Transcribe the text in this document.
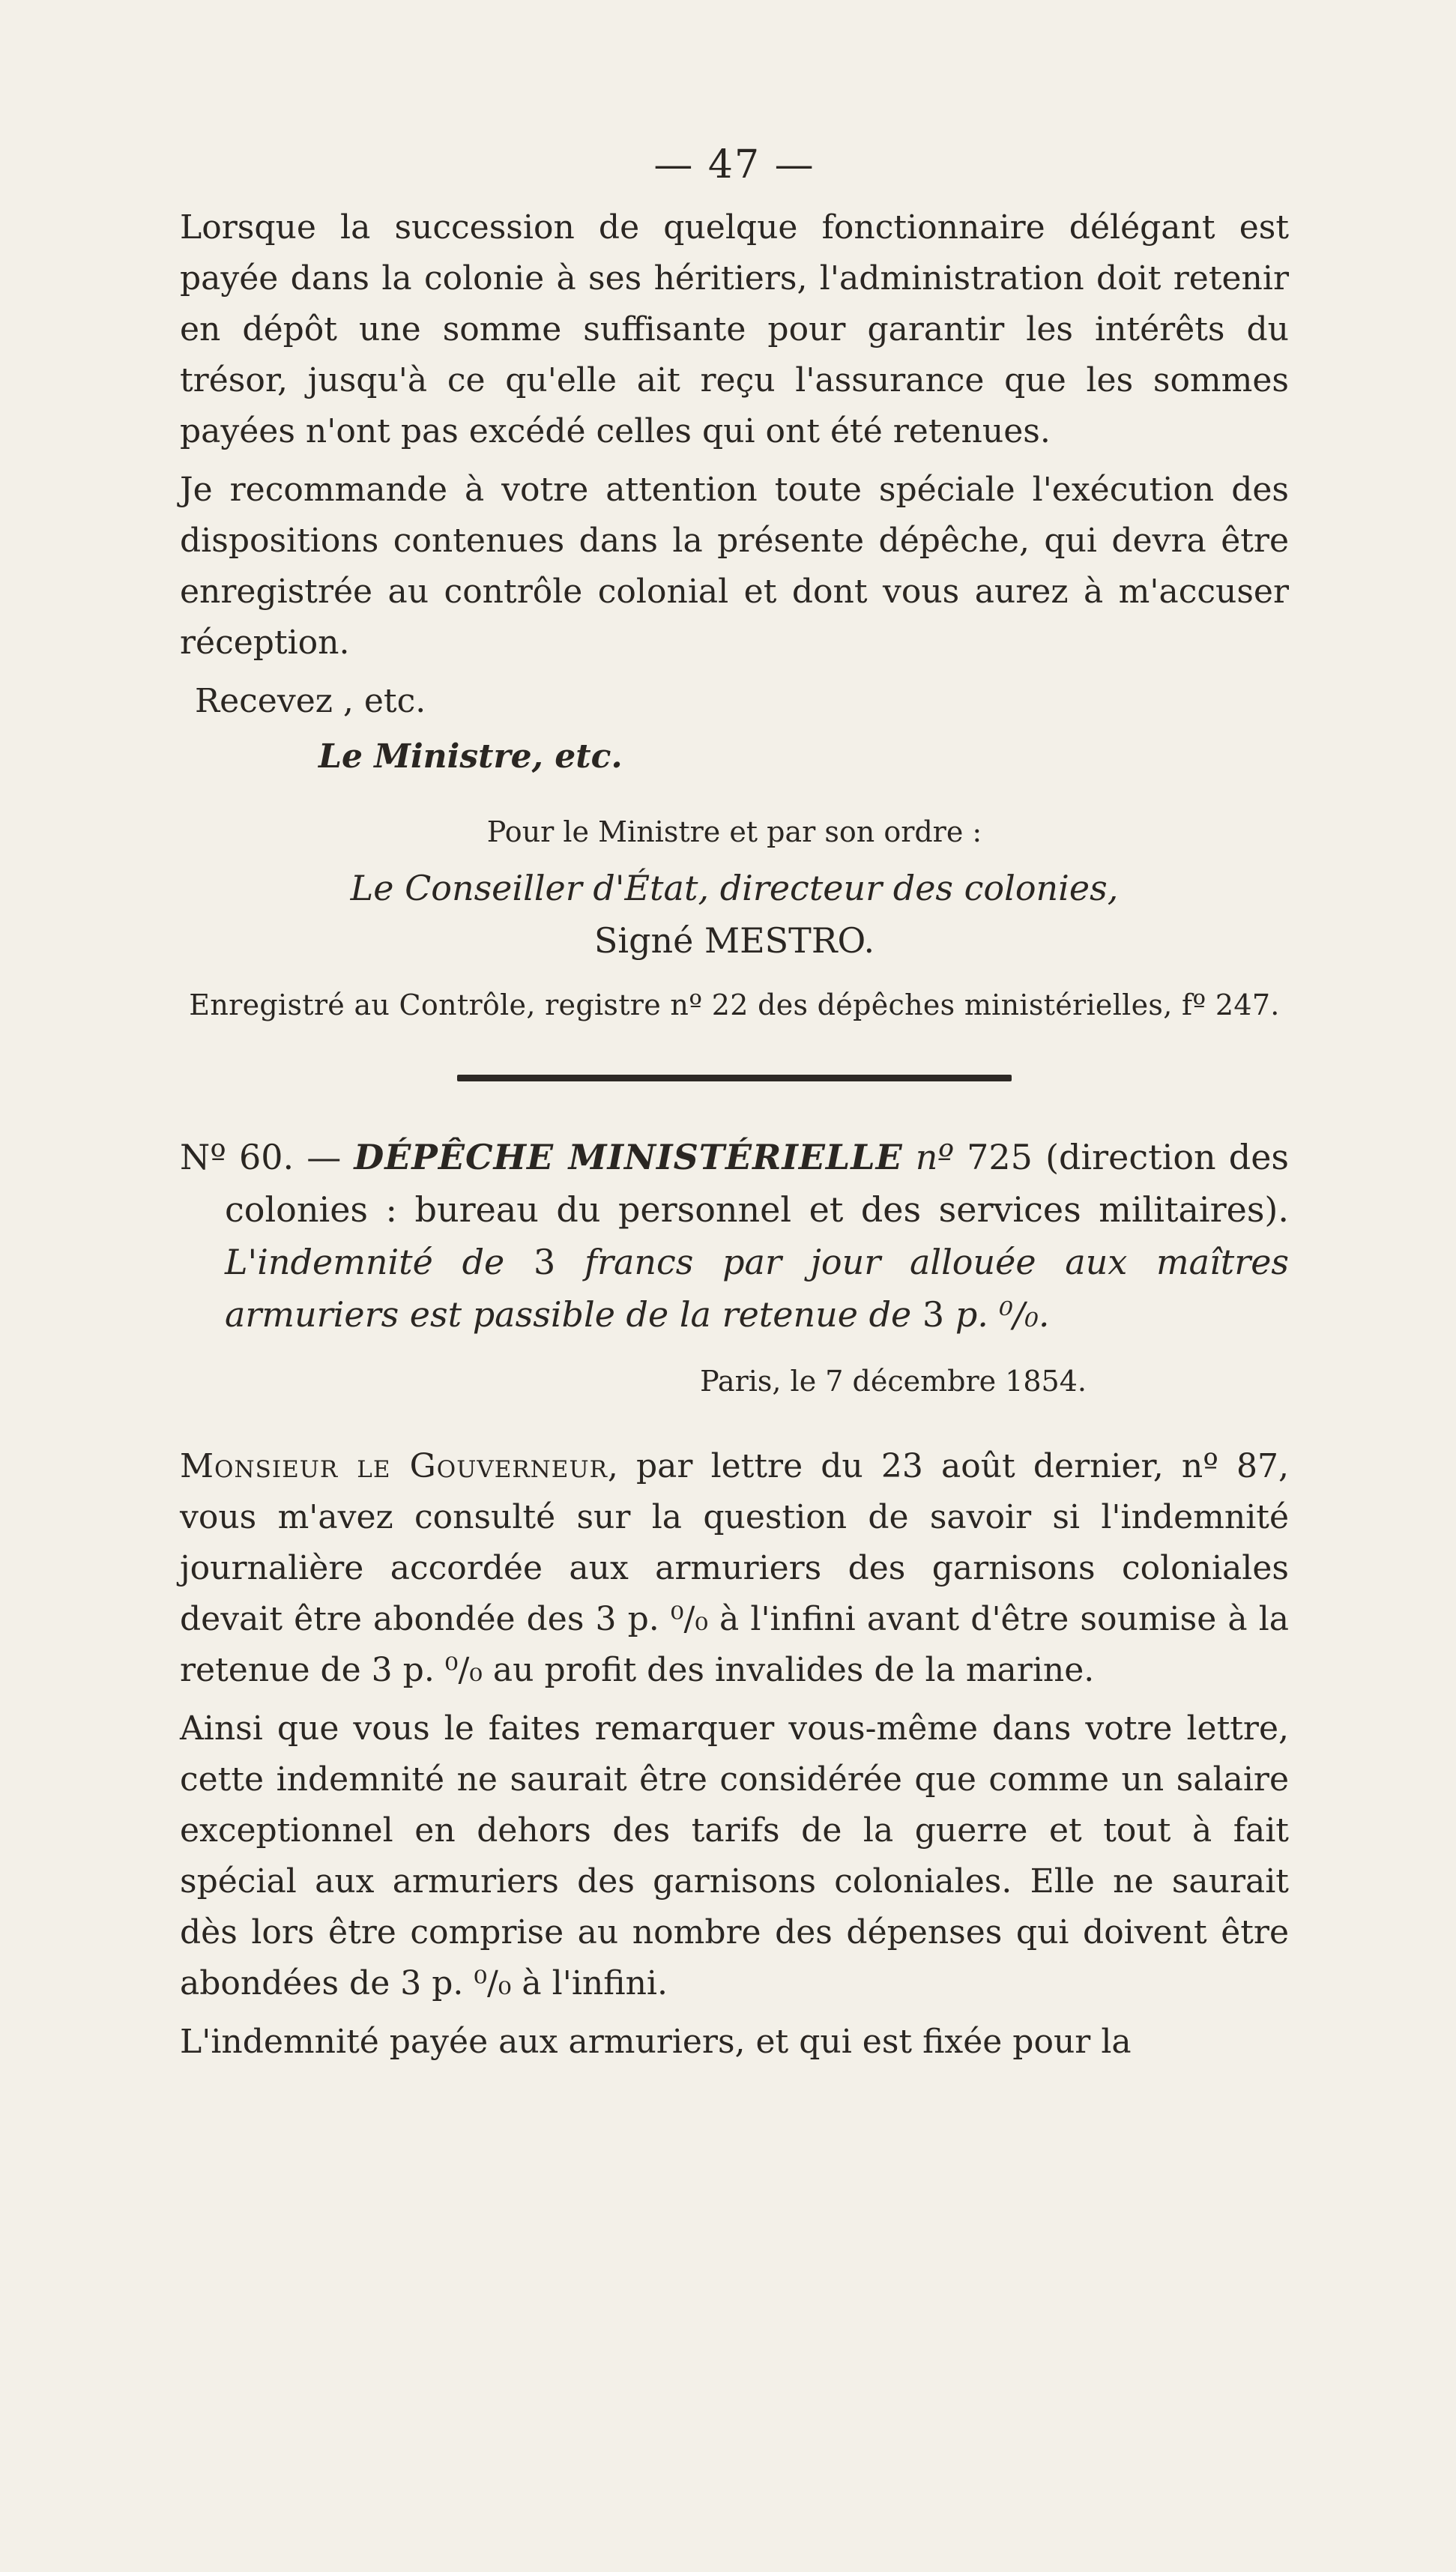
— 47 —

Lorsque la succession de quelque fonctionnaire délégant est payée dans la colonie à ses héritiers, l'administration doit retenir en dépôt une somme suffisante pour garantir les intérêts du trésor, jusqu'à ce qu'elle ait reçu l'assurance que les sommes payées n'ont pas excédé celles qui ont été retenues.

Je recommande à votre attention toute spéciale l'exécution des dispositions contenues dans la présente dépêche, qui devra être enregistrée au contrôle colonial et dont vous aurez à m'accuser réception.

Recevez , etc.

Le Ministre, etc.

Pour le Ministre et par son ordre :

Le Conseiller d'État, directeur des colonies,

Signé MESTRO.

Enregistré au Contrôle, registre nº 22 des dépêches ministérielles, fº 247.

Nº 60. — DÉPÊCHE MINISTÉRIELLE nº 725 (direction des colonies : bureau du personnel et des services militaires). L'indemnité de 3 francs par jour allouée aux maîtres armuriers est passible de la retenue de 3 p. ⁰/₀.

Paris, le 7 décembre 1854.

Monsieur le Gouverneur, par lettre du 23 août dernier, nº 87, vous m'avez consulté sur la question de savoir si l'indemnité journalière accordée aux armuriers des garnisons coloniales devait être abondée des 3 p. ⁰/₀ à l'infini avant d'être soumise à la retenue de 3 p. ⁰/₀ au profit des invalides de la marine.

Ainsi que vous le faites remarquer vous-même dans votre lettre, cette indemnité ne saurait être considérée que comme un salaire exceptionnel en dehors des tarifs de la guerre et tout à fait spécial aux armuriers des garnisons coloniales. Elle ne saurait dès lors être comprise au nombre des dépenses qui doivent être abondées de 3 p. ⁰/₀ à l'infini.

L'indemnité payée aux armuriers, et qui est fixée pour la
